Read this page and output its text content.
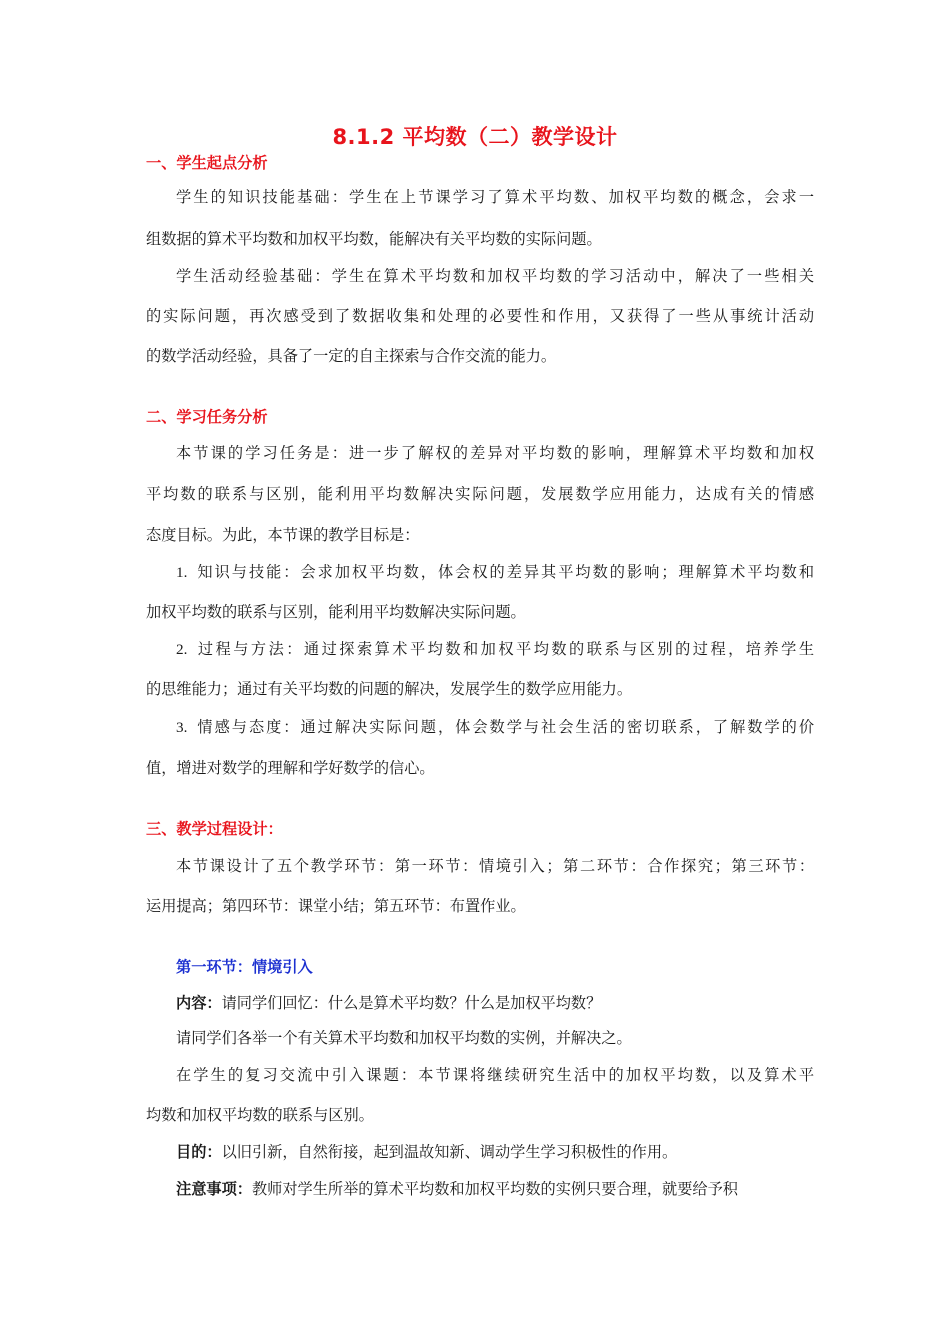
8.1.2 平均数（二）教学设计
一、学生起点分析
学生的知识技能基础：学生在上节课学习了算术平均数、加权平均数的概念，会求一
组数据的算术平均数和加权平均数，能解决有关平均数的实际问题。
学生活动经验基础：学生在算术平均数和加权平均数的学习活动中，解决了一些相关
的实际问题，再次感受到了数据收集和处理的必要性和作用，又获得了一些从事统计活动
的数学活动经验，具备了一定的自主探索与合作交流的能力。
二、学习任务分析
本节课的学习任务是：进一步了解权的差异对平均数的影响，理解算术平均数和加权
平均数的联系与区别，能利用平均数解决实际问题，发展数学应用能力，达成有关的情感
态度目标。为此，本节课的教学目标是：
1. 知识与技能：会求加权平均数，体会权的差异其平均数的影响；理解算术平均数和
加权平均数的联系与区别，能利用平均数解决实际问题。
2. 过程与方法：通过探索算术平均数和加权平均数的联系与区别的过程，培养学生
的思维能力；通过有关平均数的问题的解决，发展学生的数学应用能力。
3. 情感与态度：通过解决实际问题，体会数学与社会生活的密切联系，了解数学的价
值，增进对数学的理解和学好数学的信心。
三、教学过程设计：
本节课设计了五个教学环节：第一环节：情境引入；第二环节：合作探究；第三环节：
运用提高；第四环节：课堂小结；第五环节：布置作业。
第一环节：情境引入
内容：请同学们回忆：什么是算术平均数？什么是加权平均数？
请同学们各举一个有关算术平均数和加权平均数的实例，并解决之。
在学生的复习交流中引入课题：本节课将继续研究生活中的加权平均数，以及算术平
均数和加权平均数的联系与区别。
目的：以旧引新，自然衔接，起到温故知新、调动学生学习积极性的作用。
注意事项：教师对学生所举的算术平均数和加权平均数的实例只要合理，就要给予积
